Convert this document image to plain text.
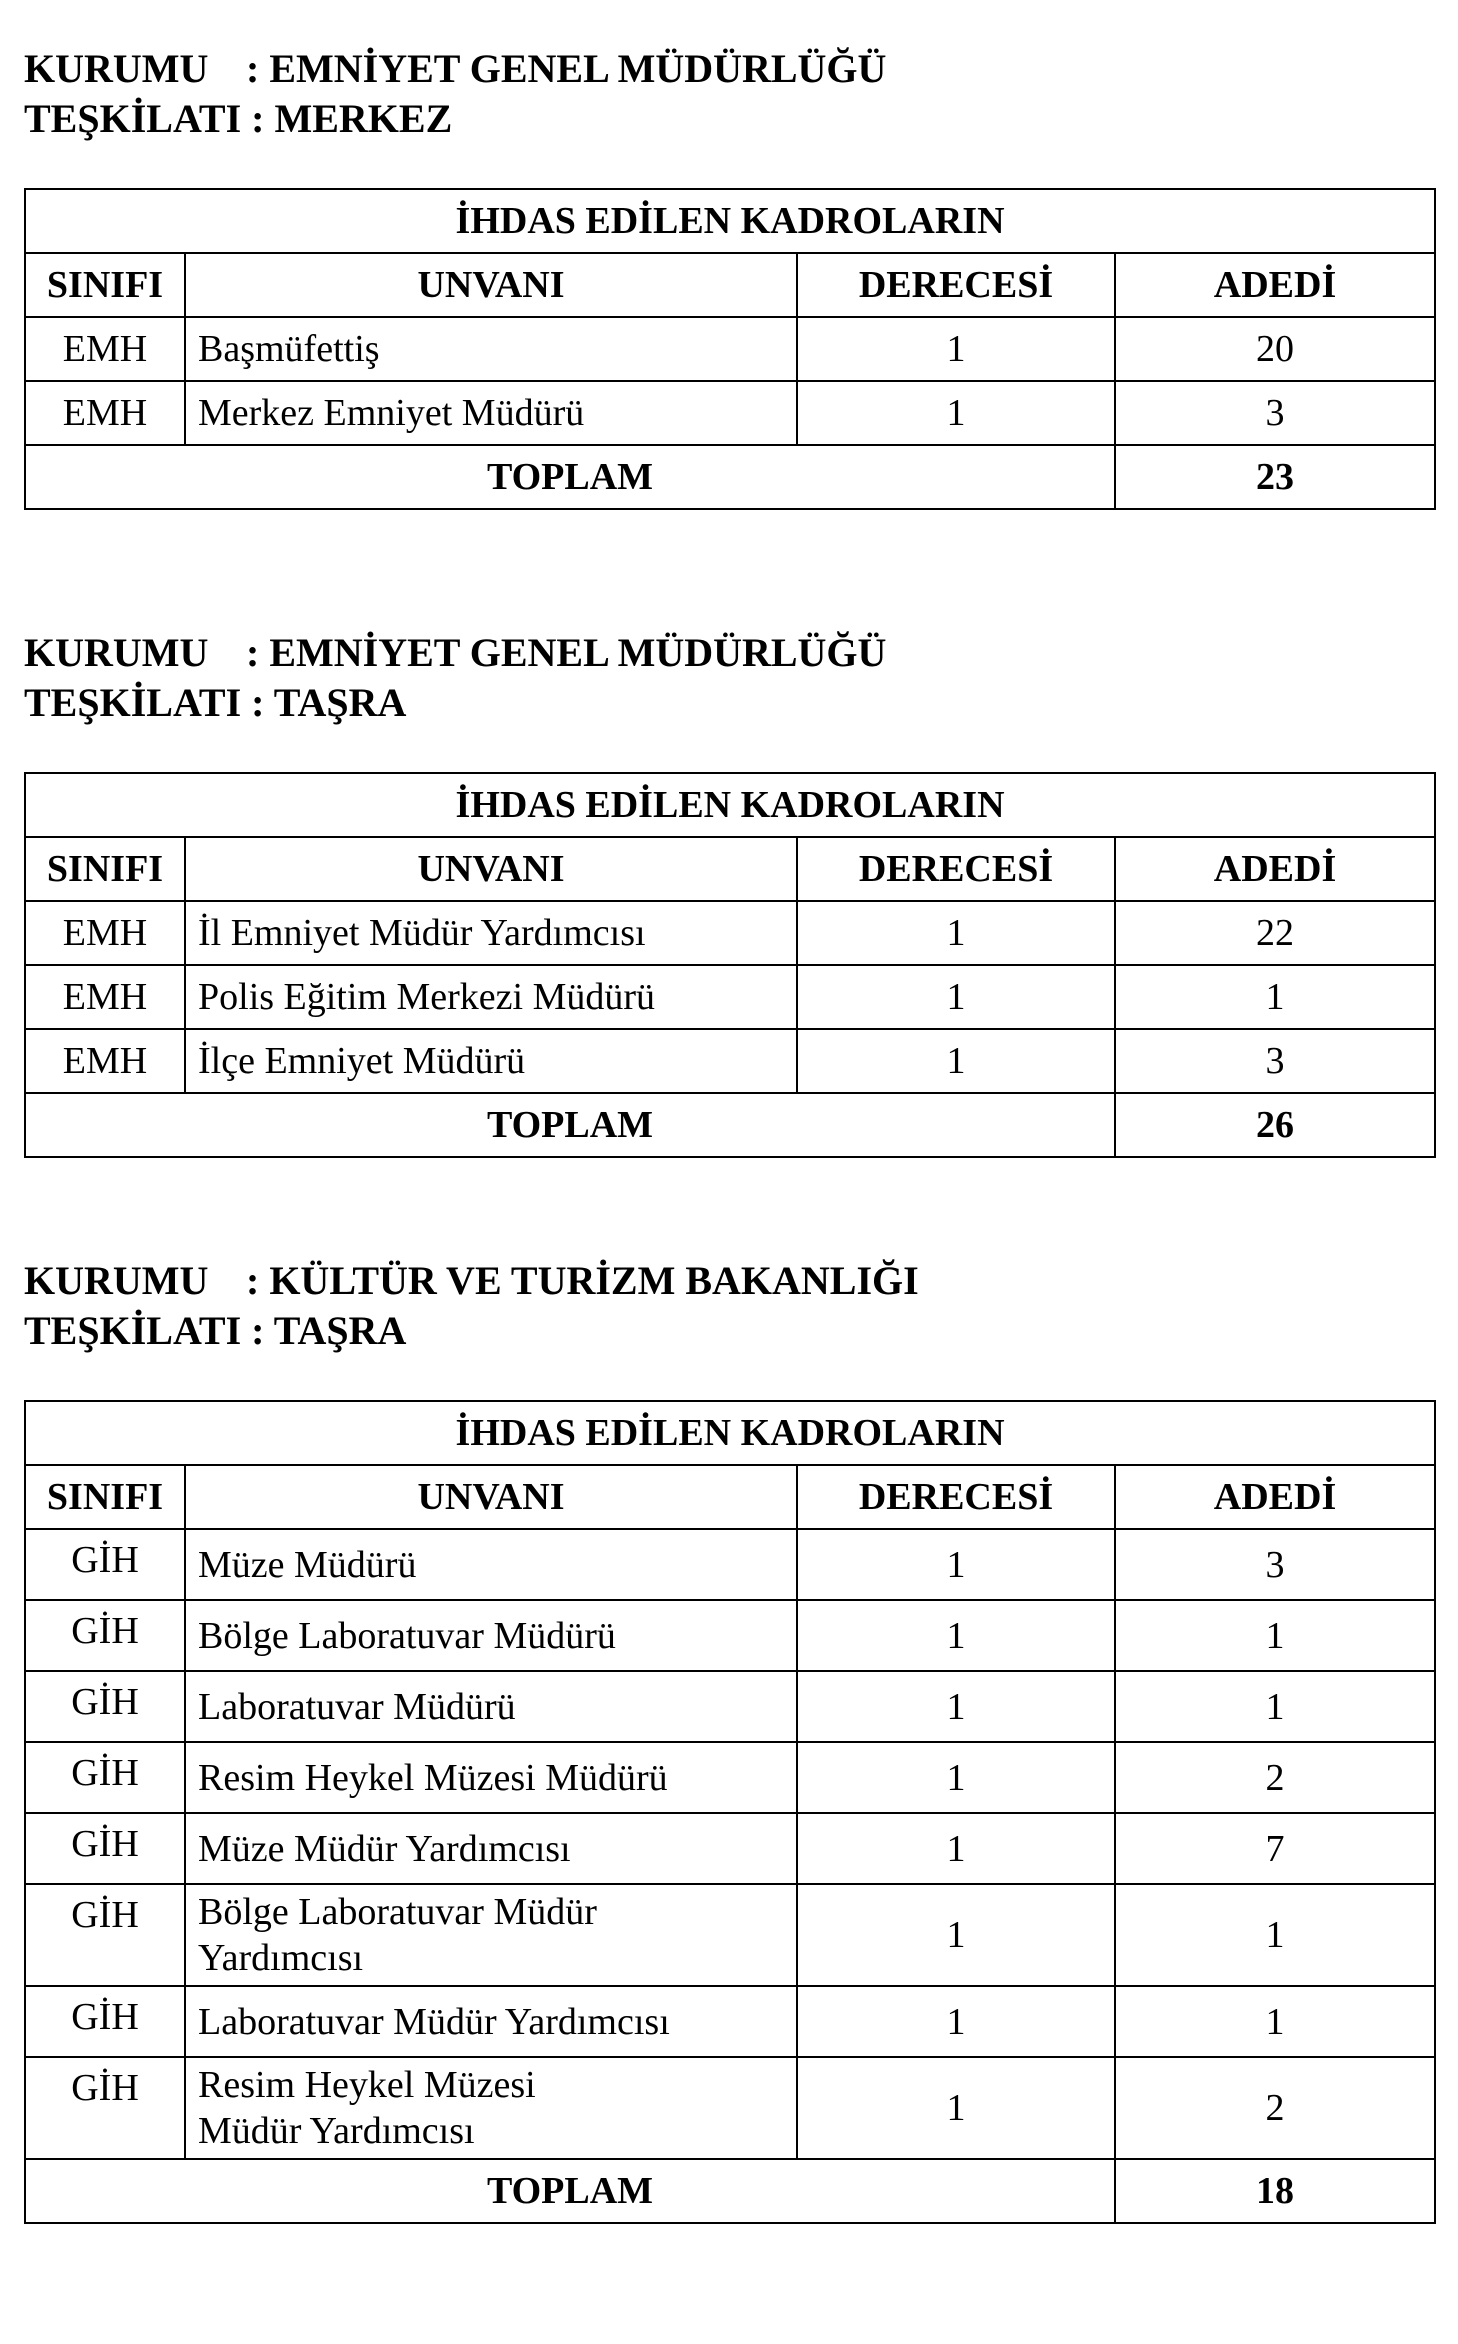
KURUMU : EMNİYET GENEL MÜDÜRLÜĞÜ

TEŞKİLATI : MERKEZ

İHDAS EDİLEN KADROLARIN			
SINIFI	UNVANI	DERECESİ	ADEDİ
EMH	Başmüfettiş	1	20
EMH	Merkez Emniyet Müdürü	1	3
TOPLAM			23

KURUMU : EMNİYET GENEL MÜDÜRLÜĞÜ

TEŞKİLATI : TAŞRA

İHDAS EDİLEN KADROLARIN			
SINIFI	UNVANI	DERECESİ	ADEDİ
EMH	İl Emniyet Müdür Yardımcısı	1	22
EMH	Polis Eğitim Merkezi Müdürü	1	1
EMH	İlçe Emniyet Müdürü	1	3
TOPLAM			26

KURUMU : KÜLTÜR VE TURİZM BAKANLIĞI

TEŞKİLATI : TAŞRA

İHDAS EDİLEN KADROLARIN			
SINIFI	UNVANI	DERECESİ	ADEDİ
GİH	Müze Müdürü	1	3
GİH	Bölge Laboratuvar Müdürü	1	1
GİH	Laboratuvar Müdürü	1	1
GİH	Resim Heykel Müzesi Müdürü	1	2
GİH	Müze Müdür Yardımcısı	1	7
GİH	Bölge Laboratuvar Müdür Yardımcısı	1	1
GİH	Laboratuvar Müdür Yardımcısı	1	1
GİH	Resim Heykel Müzesi Müdür Yardımcısı	1	2
TOPLAM			18
